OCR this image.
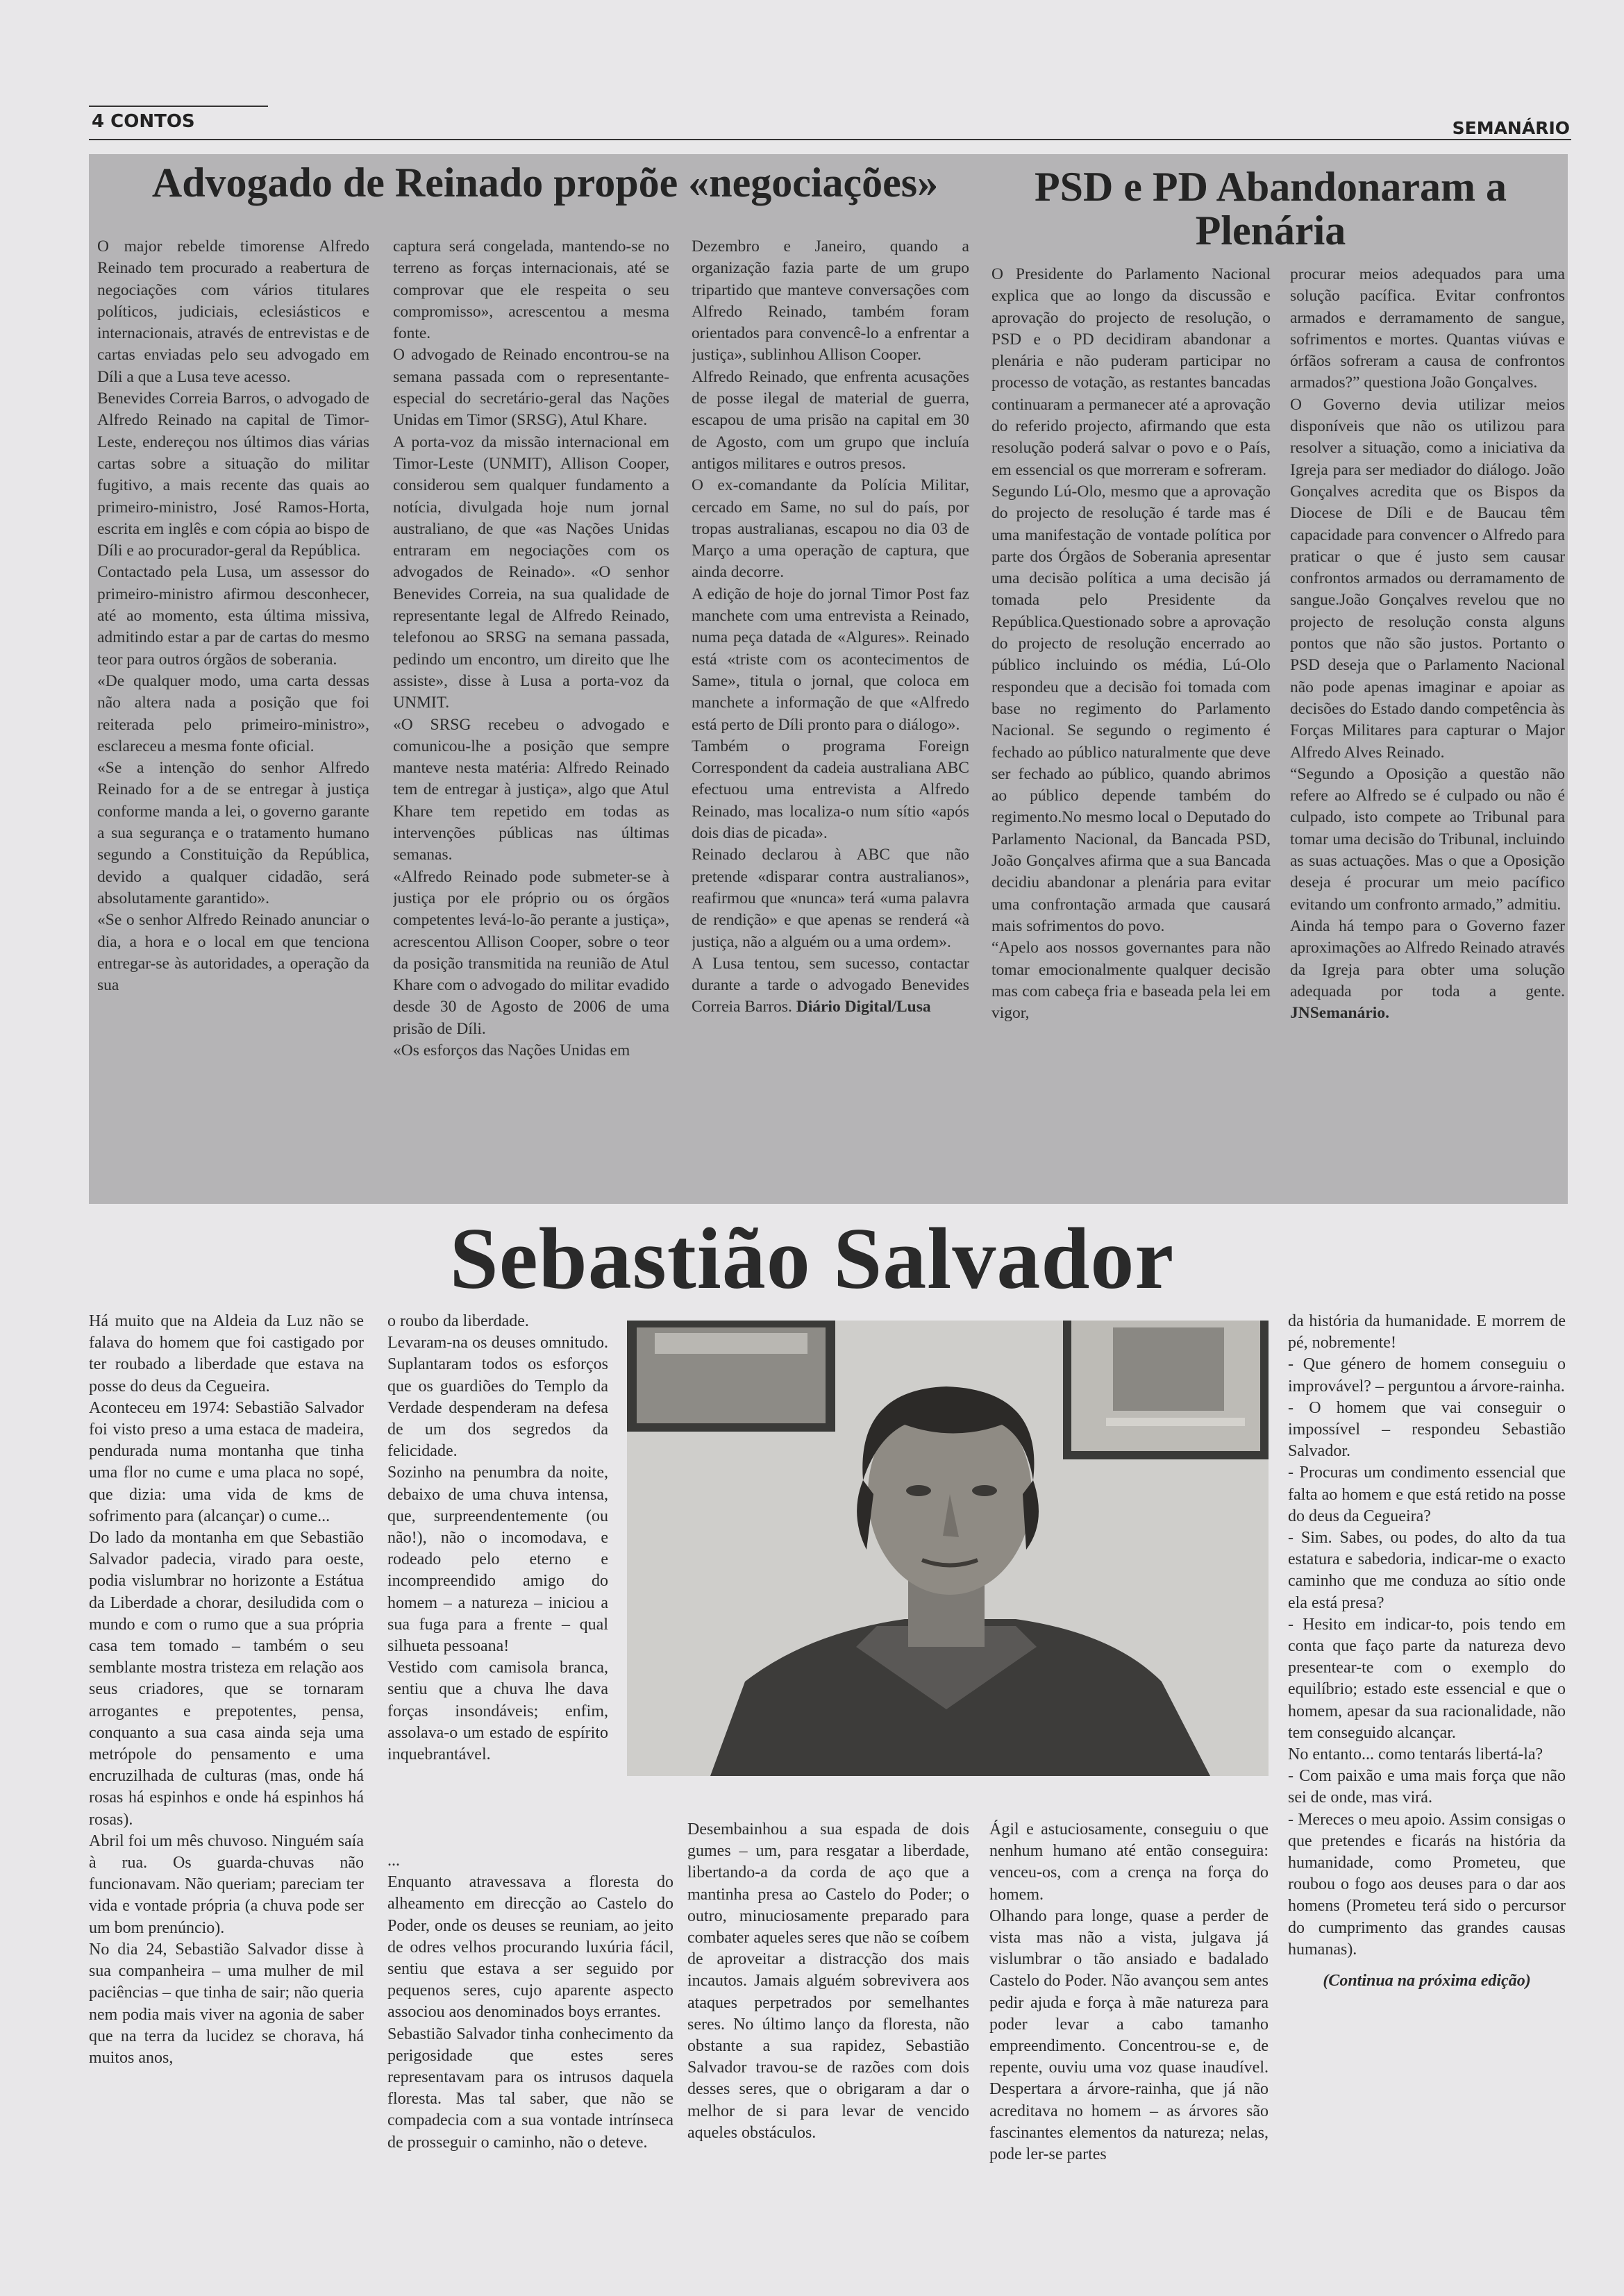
4 CONTOS	SEMANÁRIO
Advogado de Reinado propõe «negociações»	PSD e PD Abandonaram a Plenária

O major rebelde timorense Alfredo Reinado tem procurado a reabertura de negociações com vários titulares políticos, judiciais, eclesiásticos e internacionais, através de entrevistas e de cartas enviadas pelo seu advogado em Díli a que a Lusa teve acesso.

Benevides Correia Barros, o advogado de Alfredo Reinado na capital de Timor-Leste, endereçou nos últimos dias várias cartas sobre a situação do militar fugitivo, a mais recente das quais ao primeiro-ministro, José Ramos-Horta, escrita em inglês e com cópia ao bispo de Díli e ao procurador-geral da República.

Contactado pela Lusa, um assessor do primeiro-ministro afirmou desconhecer, até ao momento, esta última missiva, admitindo estar a par de cartas do mesmo teor para outros órgãos de soberania.

«De qualquer modo, uma carta dessas não altera nada a posição que foi reiterada pelo primeiro-ministro», esclareceu a mesma fonte oficial.

«Se a intenção do senhor Alfredo Reinado for a de se entregar à justiça conforme manda a lei, o governo garante a sua segurança e o tratamento humano segundo a Constituição da República, devido a qualquer cidadão, será absolutamente garantido».

«Se o senhor Alfredo Reinado anunciar o dia, a hora e o local em que tenciona entregar-se às autoridades, a operação da sua

captura será congelada, mantendo-se no terreno as forças internacionais, até se comprovar que ele respeita o seu compromisso», acrescentou a mesma fonte.

O advogado de Reinado encontrou-se na semana passada com o representante-especial do secretário-geral das Nações Unidas em Timor (SRSG), Atul Khare.

A porta-voz da missão internacional em Timor-Leste (UNMIT), Allison Cooper, considerou sem qualquer fundamento a notícia, divulgada hoje num jornal australiano, de que «as Nações Unidas entraram em negociações com os advogados de Reinado». «O senhor Benevides Correia, na sua qualidade de representante legal de Alfredo Reinado, telefonou ao SRSG na semana passada, pedindo um encontro, um direito que lhe assiste», disse à Lusa a porta-voz da UNMIT.

«O SRSG recebeu o advogado e comunicou-lhe a posição que sempre manteve nesta matéria: Alfredo Reinado tem de entregar à justiça», algo que Atul Khare tem repetido em todas as intervenções públicas nas últimas semanas.

«Alfredo Reinado pode submeter-se à justiça por ele próprio ou os órgãos competentes levá-lo-ão perante a justiça», acrescentou Allison Cooper, sobre o teor da posição transmitida na reunião de Atul Khare com o advogado do militar evadido desde 30 de Agosto de 2006 de uma prisão de Díli.

«Os esforços das Nações Unidas em

Dezembro e Janeiro, quando a organização fazia parte de um grupo tripartido que manteve conversações com Alfredo Reinado, também foram orientados para convencê-lo a enfrentar a justiça», sublinhou Allison Cooper.

Alfredo Reinado, que enfrenta acusações de posse ilegal de material de guerra, escapou de uma prisão na capital em 30 de Agosto, com um grupo que incluía antigos militares e outros presos.

O ex-comandante da Polícia Militar, cercado em Same, no sul do país, por tropas australianas, escapou no dia 03 de Março a uma operação de captura, que ainda decorre.

A edição de hoje do jornal Timor Post faz manchete com uma entrevista a Reinado, numa peça datada de «Algures». Reinado está «triste com os acontecimentos de Same», titula o jornal, que coloca em manchete a informação de que «Alfredo está perto de Díli pronto para o diálogo».

Também o programa Foreign Correspondent da cadeia australiana ABC efectuou uma entrevista a Alfredo Reinado, mas localiza-o num sítio «após dois dias de picada».

Reinado declarou à ABC que não pretende «disparar contra australianos», reafirmou que «nunca» terá «uma palavra de rendição» e que apenas se renderá «à justiça, não a alguém ou a uma ordem».

A Lusa tentou, sem sucesso, contactar durante a tarde o advogado Benevides Correia Barros. Diário Digital/Lusa

O Presidente do Parlamento Nacional explica que ao longo da discussão e aprovação do projecto de resolução, o PSD e o PD decidiram abandonar a plenária e não puderam participar no processo de votação, as restantes bancadas continuaram a permanecer até a aprovação do referido projecto, afirmando que esta resolução poderá salvar o povo e o País, em essencial os que morreram e sofreram.

Segundo Lú-Olo, mesmo que a aprovação do projecto de resolução é tarde mas é uma manifestação de vontade política por parte dos Órgãos de Soberania apresentar uma decisão política a uma decisão já tomada pelo Presidente da República.Questionado sobre a aprovação do projecto de resolução encerrado ao público incluindo os média, Lú-Olo respondeu que a decisão foi tomada com base no regimento do Parlamento Nacional. Se segundo o regimento é fechado ao público naturalmente que deve ser fechado ao público, quando abrimos ao público depende também do regimento.No mesmo local o Deputado do Parlamento Nacional, da Bancada PSD, João Gonçalves afirma que a sua Bancada decidiu abandonar a plenária para evitar uma confrontação armada que causará mais sofrimentos do povo.

“Apelo aos nossos governantes para não tomar emocionalmente qualquer decisão mas com cabeça fria e baseada pela lei em vigor,

procurar meios adequados para uma solução pacífica. Evitar confrontos armados e derramamento de sangue, sofrimentos e mortes. Quantas viúvas e órfãos sofreram a causa de confrontos armados?” questiona João Gonçalves.

O Governo devia utilizar meios disponíveis que não os utilizou para resolver a situação, como a iniciativa da Igreja para ser mediador do diálogo. João Gonçalves acredita que os Bispos da Diocese de Díli e de Baucau têm capacidade para convencer o Alfredo para praticar o que é justo sem causar confrontos armados ou derramamento de sangue.João Gonçalves revelou que no projecto de resolução consta alguns pontos que não são justos. Portanto o PSD deseja que o Parlamento Nacional não pode apenas imaginar e apoiar as decisões do Estado dando competência às Forças Militares para capturar o Major Alfredo Alves Reinado.

“Segundo a Oposição a questão não refere ao Alfredo se é culpado ou não é culpado, isto compete ao Tribunal para tomar uma decisão do Tribunal, incluindo as suas actuações. Mas o que a Oposição deseja é procurar um meio pacífico evitando um confronto armado,” admitiu.

Ainda há tempo para o Governo fazer aproximações ao Alfredo Reinado através da Igreja para obter uma solução adequada por toda a gente. JNSemanário.

Sebastião Salvador

Há muito que na Aldeia da Luz não se falava do homem que foi castigado por ter roubado a liberdade que estava na posse do deus da Cegueira.

Aconteceu em 1974: Sebastião Salvador foi visto preso a uma estaca de madeira, pendurada numa montanha que tinha uma flor no cume e uma placa no sopé, que dizia: uma vida de kms de sofrimento para (alcançar) o cume...

Do lado da montanha em que Sebastião Salvador padecia, virado para oeste, podia vislumbrar no horizonte a Estátua da Liberdade a chorar, desiludida com o mundo e com o rumo que a sua própria casa tem tomado – também o seu semblante mostra tristeza em relação aos seus criadores, que se tornaram arrogantes e prepotentes, pensa, conquanto a sua casa ainda seja uma metrópole do pensamento e uma encruzilhada de culturas (mas, onde há rosas há espinhos e onde há espinhos há rosas).

Abril foi um mês chuvoso. Ninguém saía à rua. Os guarda-chuvas não funcionavam. Não queriam; pareciam ter vida e vontade própria (a chuva pode ser um bom prenúncio).

No dia 24, Sebastião Salvador disse à sua companheira – uma mulher de mil paciências – que tinha de sair; não queria nem podia mais viver na agonia de saber que na terra da lucidez se chorava, há muitos anos,

o roubo da liberdade.

Levaram-na os deuses omnitudo. Suplantaram todos os esforços que os guardiões do Templo da Verdade despenderam na defesa de um dos segredos da felicidade.

Sozinho na penumbra da noite, debaixo de uma chuva intensa, que, surpreendentemente (ou não!), não o incomodava, e rodeado pelo eterno e incompreendido amigo do homem – a natureza – iniciou a sua fuga para a frente – qual silhueta pessoana!

Vestido com camisola branca, sentiu que a chuva lhe dava forças insondáveis; enfim, assolava-o um estado de espírito inquebrantável.

...

Enquanto atravessava a floresta do alheamento em direcção ao Castelo do Poder, onde os deuses se reuniam, ao jeito de odres velhos procurando luxúria fácil, sentiu que estava a ser seguido por pequenos seres, cujo aparente aspecto associou aos denominados boys errantes.

Sebastião Salvador tinha conhecimento da perigosidade que estes seres representavam para os intrusos daquela floresta. Mas tal saber, que não se compadecia com a sua vontade intrínseca de prosseguir o caminho, não o deteve.

Desembainhou a sua espada de dois gumes – um, para resgatar a liberdade, libertando-a da corda de aço que a mantinha presa ao Castelo do Poder; o outro, minuciosamente preparado para combater aqueles seres que não se coíbem de aproveitar a distracção dos mais incautos. Jamais alguém sobrevivera aos ataques perpetrados por semelhantes seres. No último lanço da floresta, não obstante a sua rapidez, Sebastião Salvador travou-se de razões com dois desses seres, que o obrigaram a dar o melhor de si para levar de vencido aqueles obstáculos.

Ágil e astuciosamente, conseguiu o que nenhum humano até então conseguira: venceu-os, com a crença na força do homem.

Olhando para longe, quase a perder de vista mas não a vista, julgava já vislumbrar o tão ansiado e badalado Castelo do Poder. Não avançou sem antes pedir ajuda e força à mãe natureza para poder levar a cabo tamanho empreendimento. Concentrou-se e, de repente, ouviu uma voz quase inaudível. Despertara a árvore-rainha, que já não acreditava no homem – as árvores são fascinantes elementos da natureza; nelas, pode ler-se partes

da história da humanidade. E morrem de pé, nobremente!

- Que género de homem conseguiu o improvável? – perguntou a árvore-rainha.

- O homem que vai conseguir o impossível – respondeu Sebastião Salvador.

- Procuras um condimento essencial que falta ao homem e que está retido na posse do deus da Cegueira?

- Sim. Sabes, ou podes, do alto da tua estatura e sabedoria, indicar-me o exacto caminho que me conduza ao sítio onde ela está presa?

- Hesito em indicar-to, pois tendo em conta que faço parte da natureza devo presentear-te com o exemplo do equilíbrio; estado este essencial e que o homem, apesar da sua racionalidade, não tem conseguido alcançar.

No entanto... como tentarás libertá-la?

- Com paixão e uma mais força que não sei de onde, mas virá.

- Mereces o meu apoio. Assim consigas o que pretendes e ficarás na história da humanidade, como Prometeu, que roubou o fogo aos deuses para o dar aos homens (Prometeu terá sido o percursor do cumprimento das grandes causas humanas).

(Continua na próxima edição)
